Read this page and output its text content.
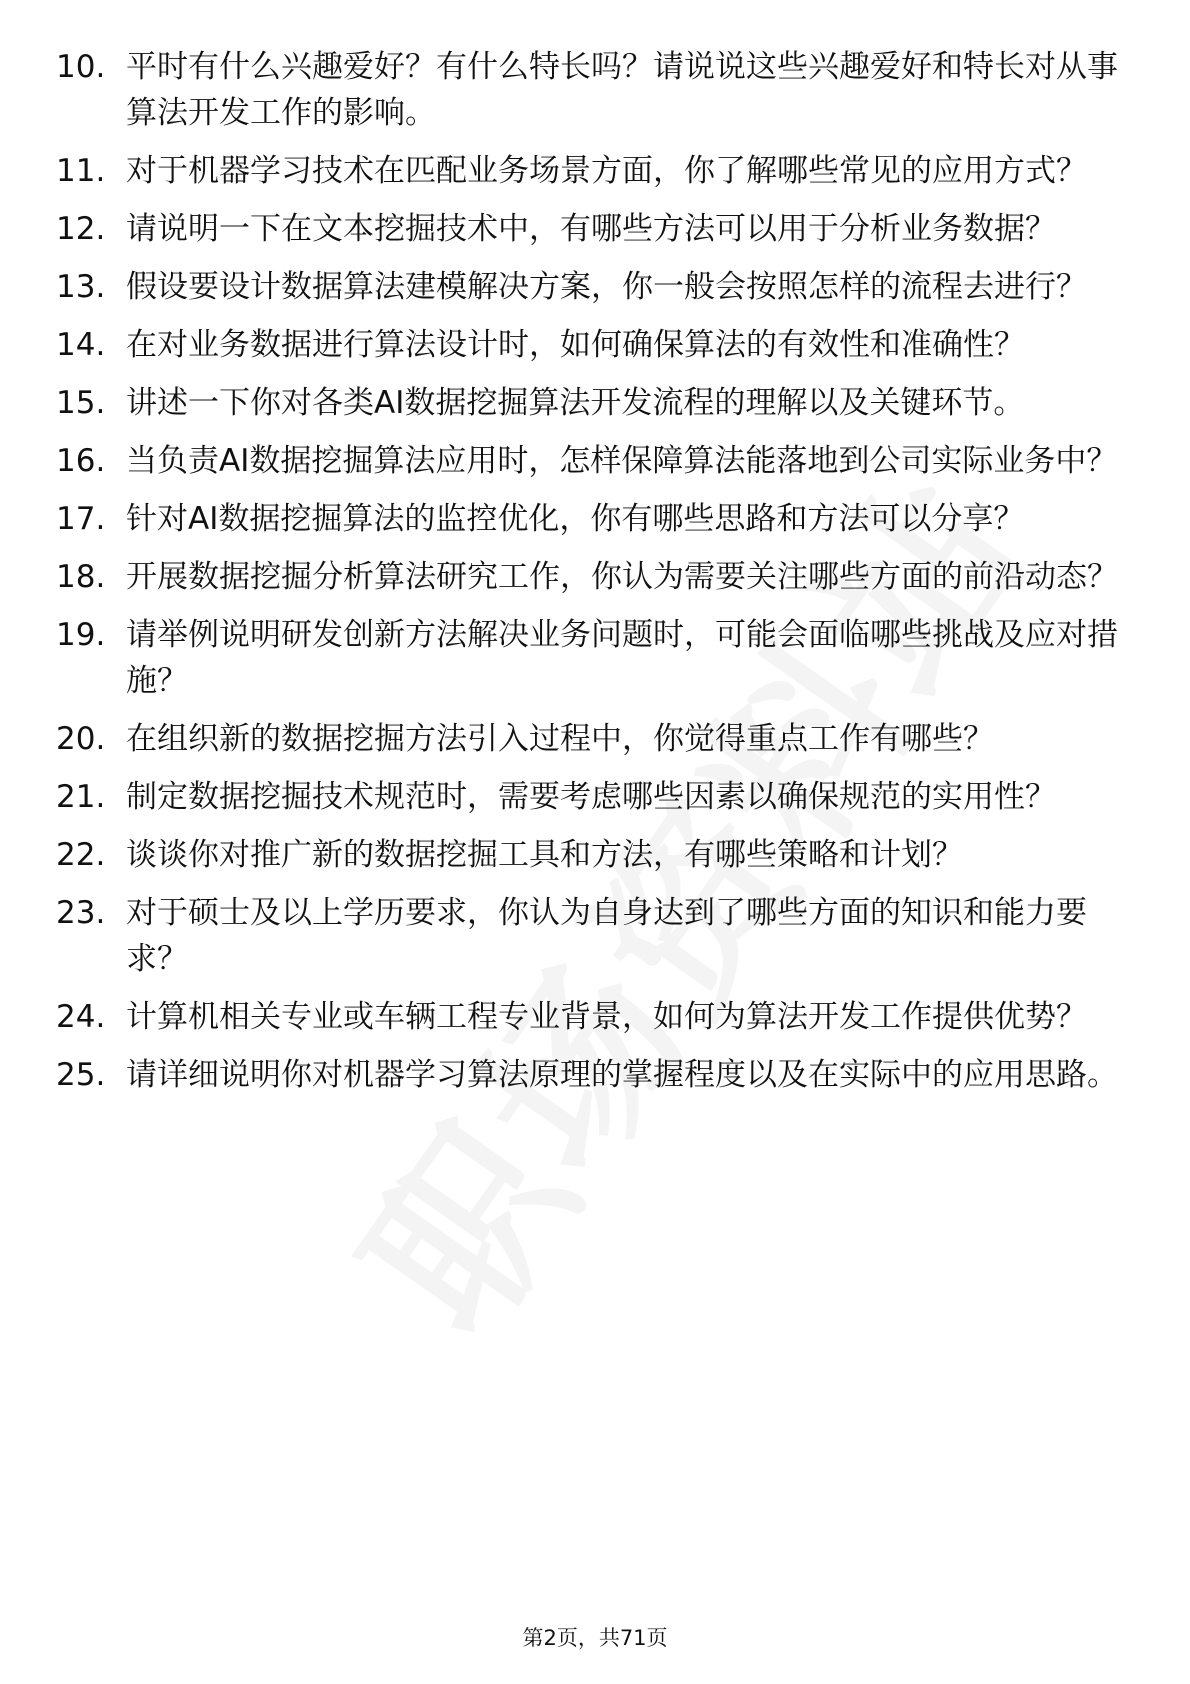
10. 平时有什么兴趣爱好？有什么特长吗？请说说这些兴趣爱好和特长对从事算法开发工作的影响。
11. 对于机器学习技术在匹配业务场景方面，你了解哪些常见的应用方式？
12. 请说明一下在文本挖掘技术中，有哪些方法可以用于分析业务数据？
13. 假设要设计数据算法建模解决方案，你一般会按照怎样的流程去进行？
14. 在对业务数据进行算法设计时，如何确保算法的有效性和准确性？
15. 讲述一下你对各类AI数据挖掘算法开发流程的理解以及关键环节。
16. 当负责AI数据挖掘算法应用时，怎样保障算法能落地到公司实际业务中？
17. 针对AI数据挖掘算法的监控优化，你有哪些思路和方法可以分享？
18. 开展数据挖掘分析算法研究工作，你认为需要关注哪些方面的前沿动态？
19. 请举例说明研发创新方法解决业务问题时，可能会面临哪些挑战及应对措施？
20. 在组织新的数据挖掘方法引入过程中，你觉得重点工作有哪些？
21. 制定数据挖掘技术规范时，需要考虑哪些因素以确保规范的实用性？
22. 谈谈你对推广新的数据挖掘工具和方法，有哪些策略和计划？
23. 对于硕士及以上学历要求，你认为自身达到了哪些方面的知识和能力要求？
24. 计算机相关专业或车辆工程专业背景，如何为算法开发工作提供优势？
25. 请详细说明你对机器学习算法原理的掌握程度以及在实际中的应用思路。
第2页，共71页
